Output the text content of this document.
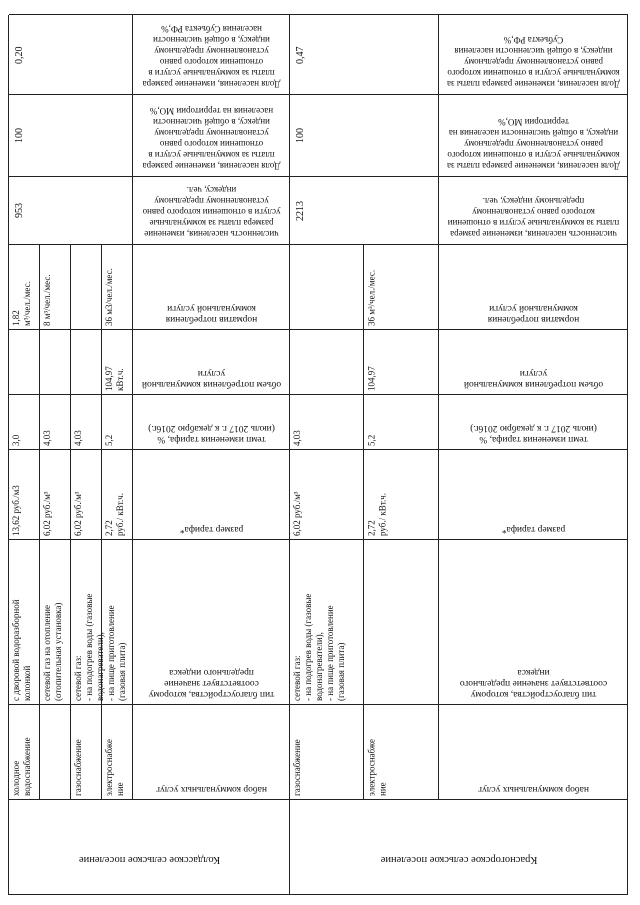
Колдасское сельское поселение
набор коммунальных услуг
тип благоустройства, которому соответствует значение предельного индекса
размер тарифа*
темп изменения тарифа, %
(июль 2017 г. к декабрю 2016г.)
объем потребления коммунальной
услуги
норматив потребления
коммунальной услуги
численность населения, изменение размера платы за коммунальные услуги в отношении которого равно установленному предельному индексу, чел.
Доля населения, изменение размера платы за коммунальные услуги в отношении которого равно установленному предельному индексу, в общей численности населения на территории МО,%
Доля населения, изменение размера платы за коммунальные услуги в отношении которого равно установленному предельному индексу, в общей численности населения Субъекта РФ,%
электроснабже
ние
2,72
руб./ кВт.ч.
5,2
104,97
кВт.ч.
36 м3/чел./мес.
газоснабжение
сетевой газ:
- на подогрев воды (газовые водонагреватели),
- на пище приготовление
(газовая плита)
6,02 руб./м³
4,03
сетевой газ на отопление
(отопительная установка)
6,02 руб./м³
4,03
8 м³/чел./мес.
холодное
водоснабжение
с дворовой водоразборной
колонкой
13,62 руб./м3
3,0
1,82
м³/чел./мес.
953
100
0,20
Красногорское сельское поселение
набор коммунальных услуг
тип благоустройства, которому соответствует значение предельного индекса
размер тарифа*
темп изменения тарифа, %
(июль 2017 г. к декабрю 2016г.)
объем потребления коммунальной
услуги
норматив потребления
коммунальной услуги
численность населения, изменение размера платы за коммунальные услуги в отношении которого равно установленному предельному индексу, чел.
Доля населения, изменение размера платы за коммунальные услуги в отношении которого равно установленному предельному индексу, в общей численности населения на территории МО,%
Доля населения, изменение размера платы за коммунальные услуги в отношении которого равно установленному предельному индексу, в общей численности населения Субъекта РФ,%
электроснабже
ние
2,72
руб./ кВт.ч.
5,2
104,97
36 м³/чел./мес.
газоснабжение
сетевой газ:
- на подогрев воды (газовые водонагреватели),
- на пище приготовление
(газовая плита)
6,02 руб./м³
4,03
2213
100
0,47
